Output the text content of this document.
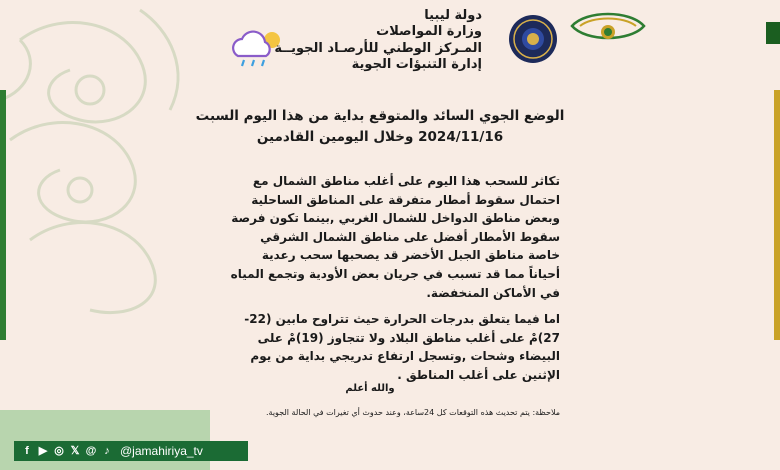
دولة ليبيا
وزارة المواصلات
المـركز الوطني للأرصـاد الجويــة
إدارة التنبؤات الجوية
الوضع الجوي السائد والمتوقع بداية من هذا اليوم السبت
2024/11/16 وخلال اليومين القادمين

تكاثر للسحب هذا اليوم على أغلب مناطق الشمال مع احتمال سقوط أمطار متفرقة على المناطق الساحلية وبعض مناطق الدواخل للشمال الغربي ,بينما تكون فرصة سقوط الأمطار أفضل على مناطق الشمال الشرقي خاصة مناطق الجبل الأخضر قد يصحبها سحب رعدية أحياناً مما قد تسبب في جريان بعض الأودية وتجمع المياه في الأماكن المنخفضة.

اما فيما يتعلق بدرجات الحرارة حيث تتراوح مابين (22-27)مْ على أغلب مناطق البلاد ولا تتجاوز (19)مْ على البيضاء وشحات ,وتسجل ارتفاع تدريجي بداية من يوم الإثنين على أغلب المناطق .

والله أعلم
ملاحظة: يتم تحديث هذه التوقعات كل 24ساعة، وعند حدوث أي تغيرات في الحالة الجوية.
f ▶ ◎ 𝕏 @ ♪ @jamahiriya_tv
